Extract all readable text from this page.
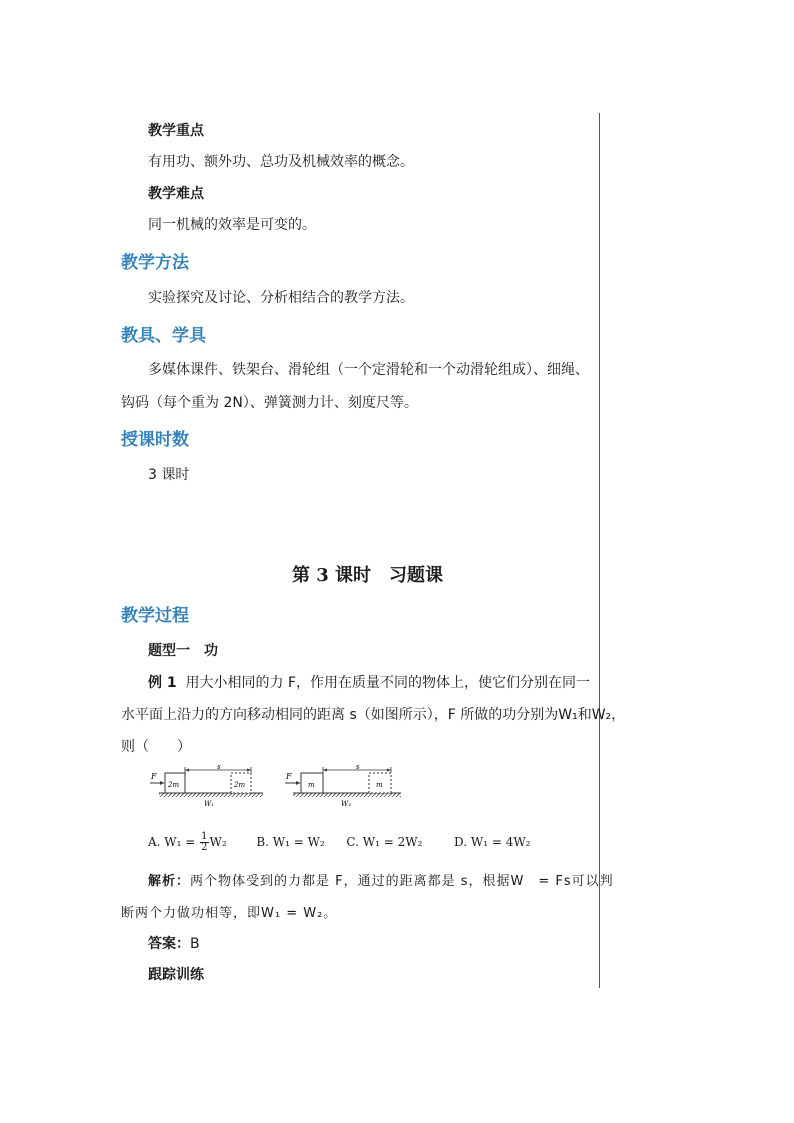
教学重点
有用功、额外功、总功及机械效率的概念。
教学难点
同一机械的效率是可变的。
教学方法
实验探究及讨论、分析相结合的教学方法。
教具、学具
多媒体课件、铁架台、滑轮组（一个定滑轮和一个动滑轮组成）、细绳、
钩码（每个重为 2N）、弹簧测力计、刻度尺等。
授课时数
3 课时
第 3 课时　习题课
教学过程
题型一　功
例 1 用大小相同的力 F，作用在质量不同的物体上，使它们分别在同一
水平面上沿力的方向移动相同的距离 s（如图所示），F 所做的功分别为W₁和W₂，
则（　　）
F
2m	2m
s
W₁
F
m	m
s
W₂
A. $W_1 = \frac{1}{2} W_2$ B. W₁ = W₂ C. W₁ = 2W₂	D. W₁ = 4W₂
解析：两个物体受到的力都是 F，通过的距离都是 s，根据W　= Fs可以判
断两个力做功相等，即W₁ = W₂。
答案：B
跟踪训练
